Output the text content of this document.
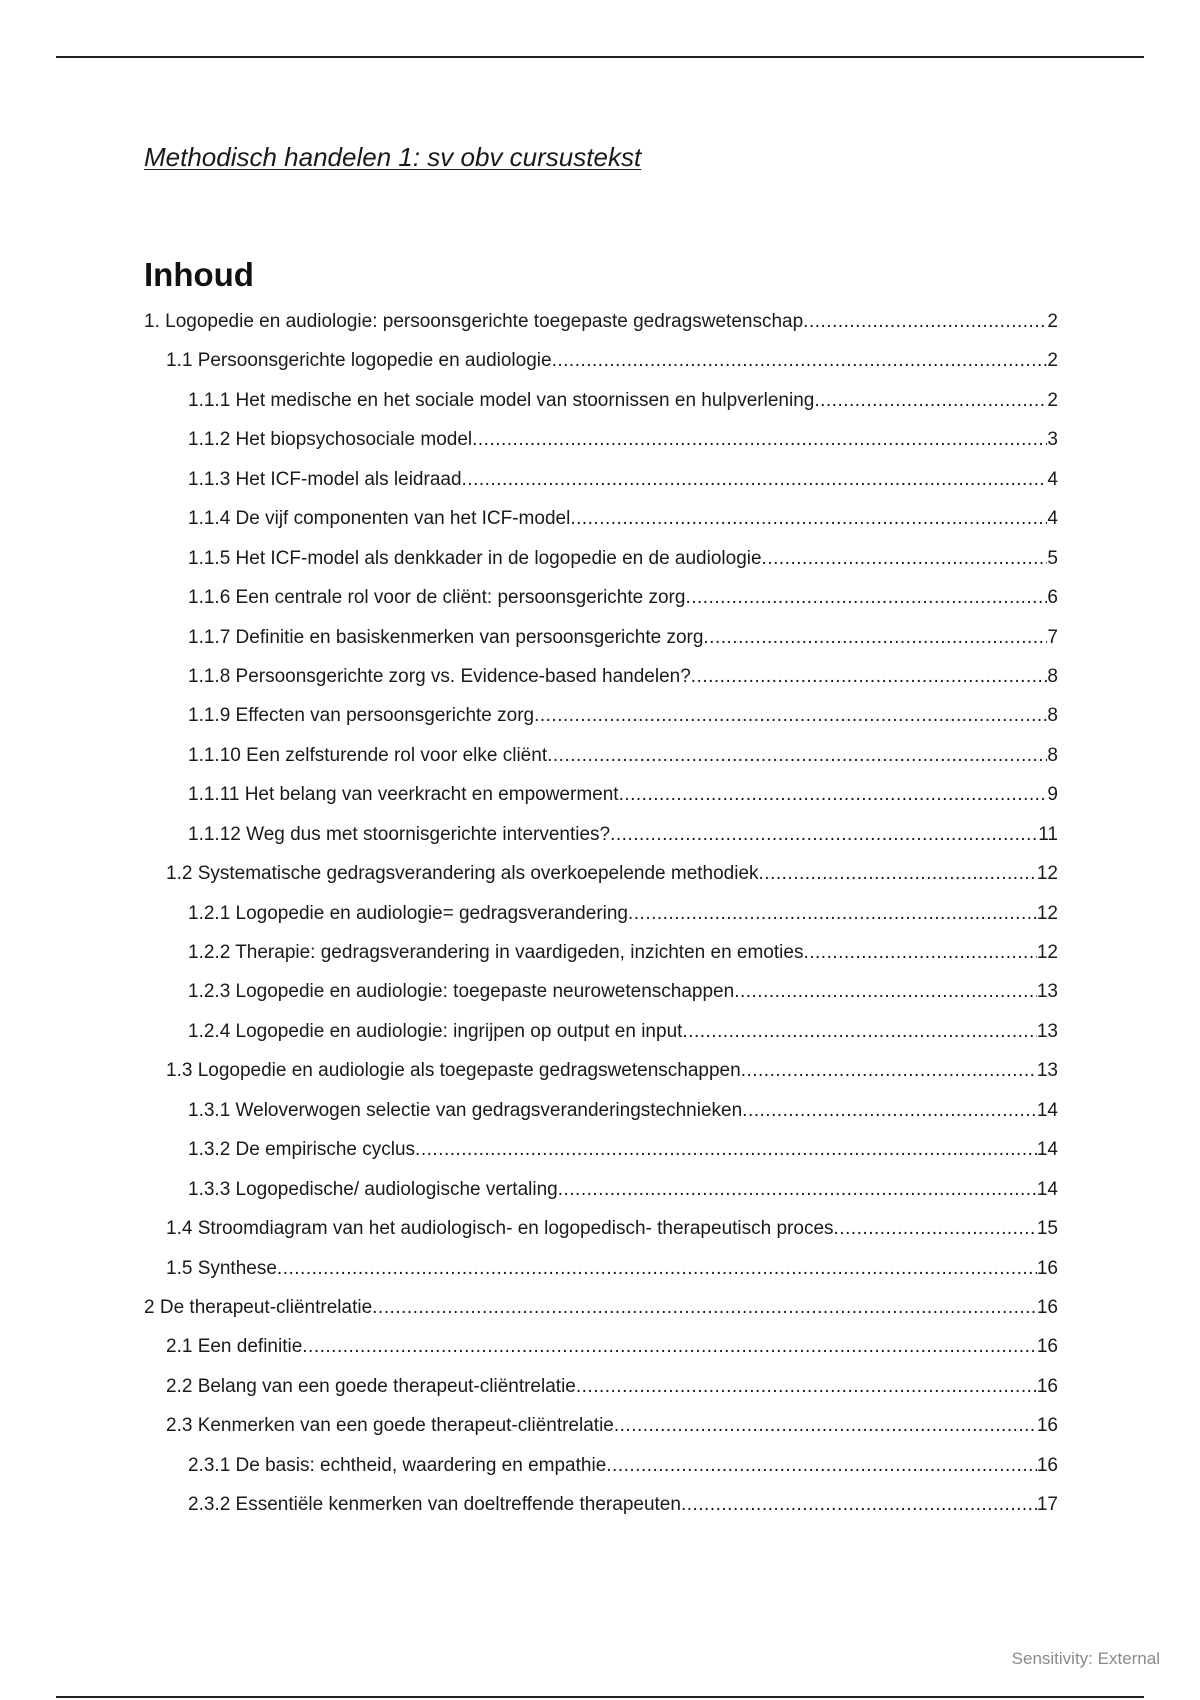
Methodisch handelen 1: sv obv cursustekst
Inhoud
1. Logopedie en audiologie: persoonsgerichte toegepaste gedragswetenschap .....	2
1.1 Persoonsgerichte logopedie en audiologie .....	2
1.1.1 Het medische en het sociale model van stoornissen en hulpverlening .....	2
1.1.2 Het biopsychosociale model .....	3
1.1.3 Het ICF-model als leidraad .....	4
1.1.4 De vijf componenten van het ICF-model .....	4
1.1.5 Het ICF-model als denkkader in de logopedie en de audiologie .....	5
1.1.6 Een centrale rol voor de cliënt: persoonsgerichte zorg .....	6
1.1.7 Definitie en basiskenmerken van persoonsgerichte zorg .....	7
1.1.8 Persoonsgerichte zorg vs. Evidence-based handelen? .....	8
1.1.9 Effecten van persoonsgerichte zorg .....	8
1.1.10 Een zelfsturende rol voor elke cliënt .....	8
1.1.11 Het belang van veerkracht en empowerment .....	9
1.1.12 Weg dus met stoornisgerichte interventies? .....	11
1.2 Systematische gedragsverandering als overkoepelende methodiek .....	12
1.2.1 Logopedie en audiologie= gedragsverandering .....	12
1.2.2 Therapie: gedragsverandering in vaardigeden, inzichten en emoties .....	12
1.2.3 Logopedie en audiologie: toegepaste neurowetenschappen .....	13
1.2.4 Logopedie en audiologie: ingrijpen op output en input .....	13
1.3 Logopedie en audiologie als toegepaste gedragswetenschappen .....	13
1.3.1 Weloverwogen selectie van gedragsveranderingstechnieken .....	14
1.3.2 De empirische cyclus .....	14
1.3.3 Logopedische/ audiologische vertaling .....	14
1.4 Stroomdiagram van het audiologisch- en logopedisch- therapeutisch proces .....	15
1.5 Synthese .....	16
2 De therapeut-cliëntrelatie .....	16
2.1 Een definitie .....	16
2.2 Belang van een goede therapeut-cliëntrelatie .....	16
2.3 Kenmerken van een goede therapeut-cliëntrelatie .....	16
2.3.1 De basis: echtheid, waardering en empathie .....	16
2.3.2 Essentiële kenmerken van doeltreffende therapeuten .....	17
Sensitivity: External
